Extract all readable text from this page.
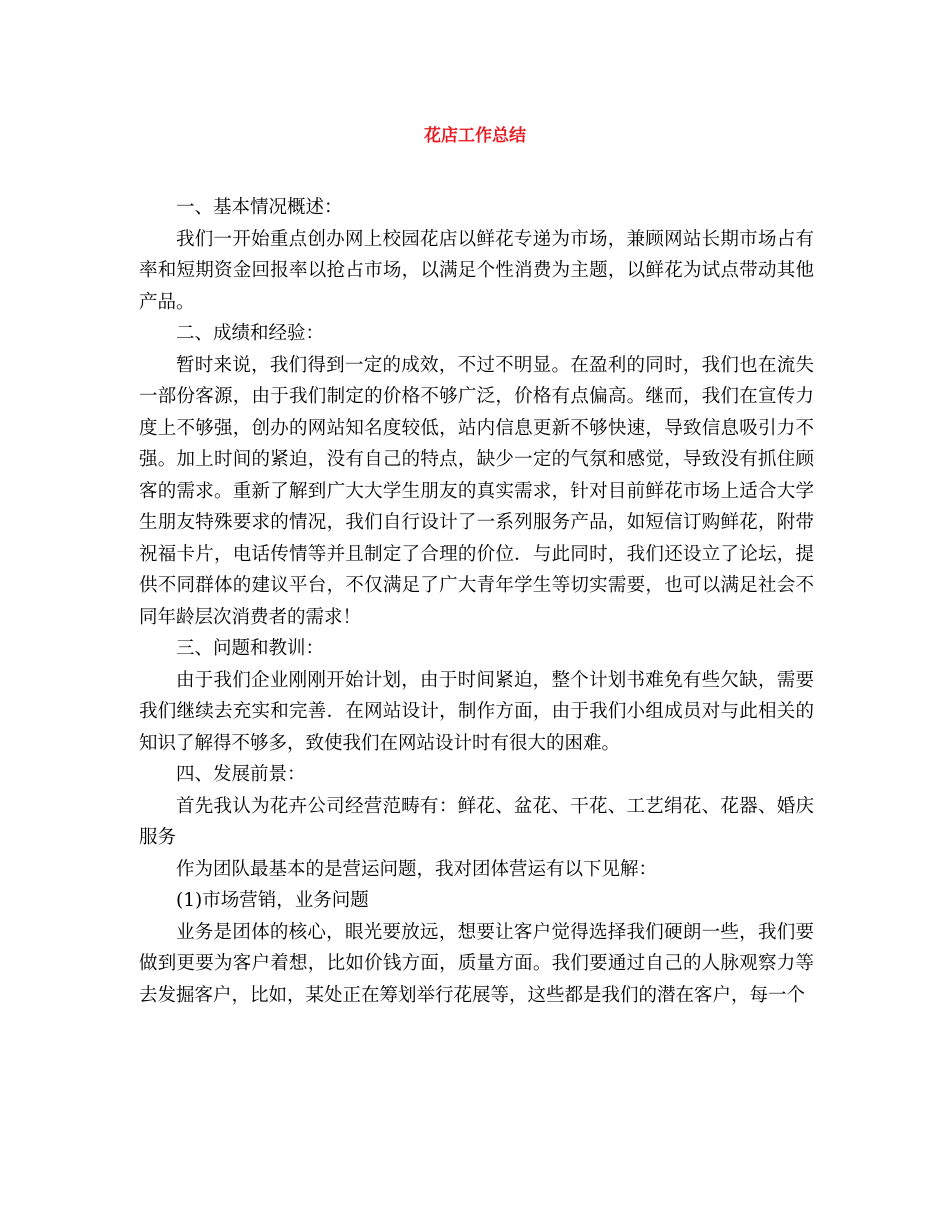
花店工作总结

一、基本情况概述：

我们一开始重点创办网上校园花店以鲜花专递为市场，兼顾网站长期市场占有率和短期资金回报率以抢占市场，以满足个性消费为主题，以鲜花为试点带动其他产品。

二、成绩和经验：

暂时来说，我们得到一定的成效，不过不明显。在盈利的同时，我们也在流失一部份客源，由于我们制定的价格不够广泛，价格有点偏高。继而，我们在宣传力度上不够强，创办的网站知名度较低，站内信息更新不够快速，导致信息吸引力不强。加上时间的紧迫，没有自己的特点，缺少一定的气氛和感觉，导致没有抓住顾客的需求。重新了解到广大大学生朋友的真实需求，针对目前鲜花市场上适合大学生朋友特殊要求的情况，我们自行设计了一系列服务产品，如短信订购鲜花，附带祝福卡片，电话传情等并且制定了合理的价位．与此同时，我们还设立了论坛，提供不同群体的建议平台，不仅满足了广大青年学生等切实需要，也可以满足社会不同年龄层次消费者的需求！

三、问题和教训：

由于我们企业刚刚开始计划，由于时间紧迫，整个计划书难免有些欠缺，需要我们继续去充实和完善．在网站设计，制作方面，由于我们小组成员对与此相关的知识了解得不够多，致使我们在网站设计时有很大的困难。

四、发展前景：

首先我认为花卉公司经营范畴有：鲜花、盆花、干花、工艺绢花、花器、婚庆服务

作为团队最基本的是营运问题，我对团体营运有以下见解：

(1)市场营销，业务问题

业务是团体的核心，眼光要放远，想要让客户觉得选择我们硬朗一些，我们要做到更要为客户着想，比如价钱方面，质量方面。我们要通过自己的人脉观察力等去发掘客户，比如，某处正在筹划举行花展等，这些都是我们的潜在客户，每一个
